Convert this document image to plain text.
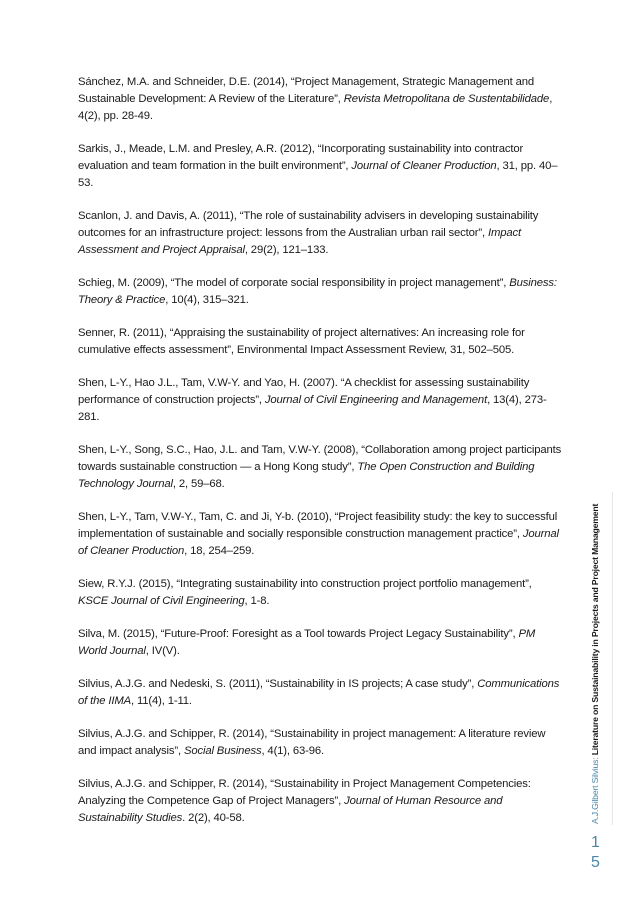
Sánchez, M.A. and Schneider, D.E. (2014), “Project Management, Strategic Management and Sustainable Development: A Review of the Literature”, Revista Metropolitana de Sustentabilidade, 4(2), pp. 28-49.

Sarkis, J., Meade, L.M. and Presley, A.R. (2012), “Incorporating sustainability into contractor evaluation and team formation in the built environment”, Journal of Cleaner Production, 31, pp. 40–53.

Scanlon, J. and Davis, A. (2011), “The role of sustainability advisers in developing sustainability outcomes for an infrastructure project: lessons from the Australian urban rail sector”, Impact Assessment and Project Appraisal, 29(2), 121–133.

Schieg, M. (2009), “The model of corporate social responsibility in project management”, Business: Theory & Practice, 10(4), 315–321.

Senner, R. (2011), “Appraising the sustainability of project alternatives: An increasing role for cumulative effects assessment”, Environmental Impact Assessment Review, 31, 502–505.

Shen, L-Y., Hao J.L., Tam, V.W-Y. and Yao, H. (2007). “A checklist for assessing sustainability performance of construction projects”, Journal of Civil Engineering and Management, 13(4), 273-281.

Shen, L-Y., Song, S.C., Hao, J.L. and Tam, V.W-Y. (2008), “Collaboration among project participants towards sustainable construction — a Hong Kong study”, The Open Construction and Building Technology Journal, 2, 59–68.

Shen, L-Y., Tam, V.W-Y., Tam, C. and Ji, Y-b. (2010), “Project feasibility study: the key to successful implementation of sustainable and socially responsible construction management practice”, Journal of Cleaner Production, 18, 254–259.

Siew, R.Y.J. (2015), “Integrating sustainability into construction project portfolio management”, KSCE Journal of Civil Engineering, 1-8.

Silva, M. (2015), “Future-Proof: Foresight as a Tool towards Project Legacy Sustainability”, PM World Journal, IV(V).

Silvius, A.J.G. and Nedeski, S. (2011), “Sustainability in IS projects; A case study”, Communications of the IIMA, 11(4), 1-11.

Silvius, A.J.G. and Schipper, R. (2014), “Sustainability in project management: A literature review and impact analysis”, Social Business, 4(1), 63-96.

Silvius, A.J.G. and Schipper, R. (2014), “Sustainability in Project Management Competencies: Analyzing the Competence Gap of Project Managers”, Journal of Human Resource and Sustainability Studies. 2(2), 40-58.	A.J.Gilbert Silvius: Literature on Sustainability in Projects and Project Management
1
5
